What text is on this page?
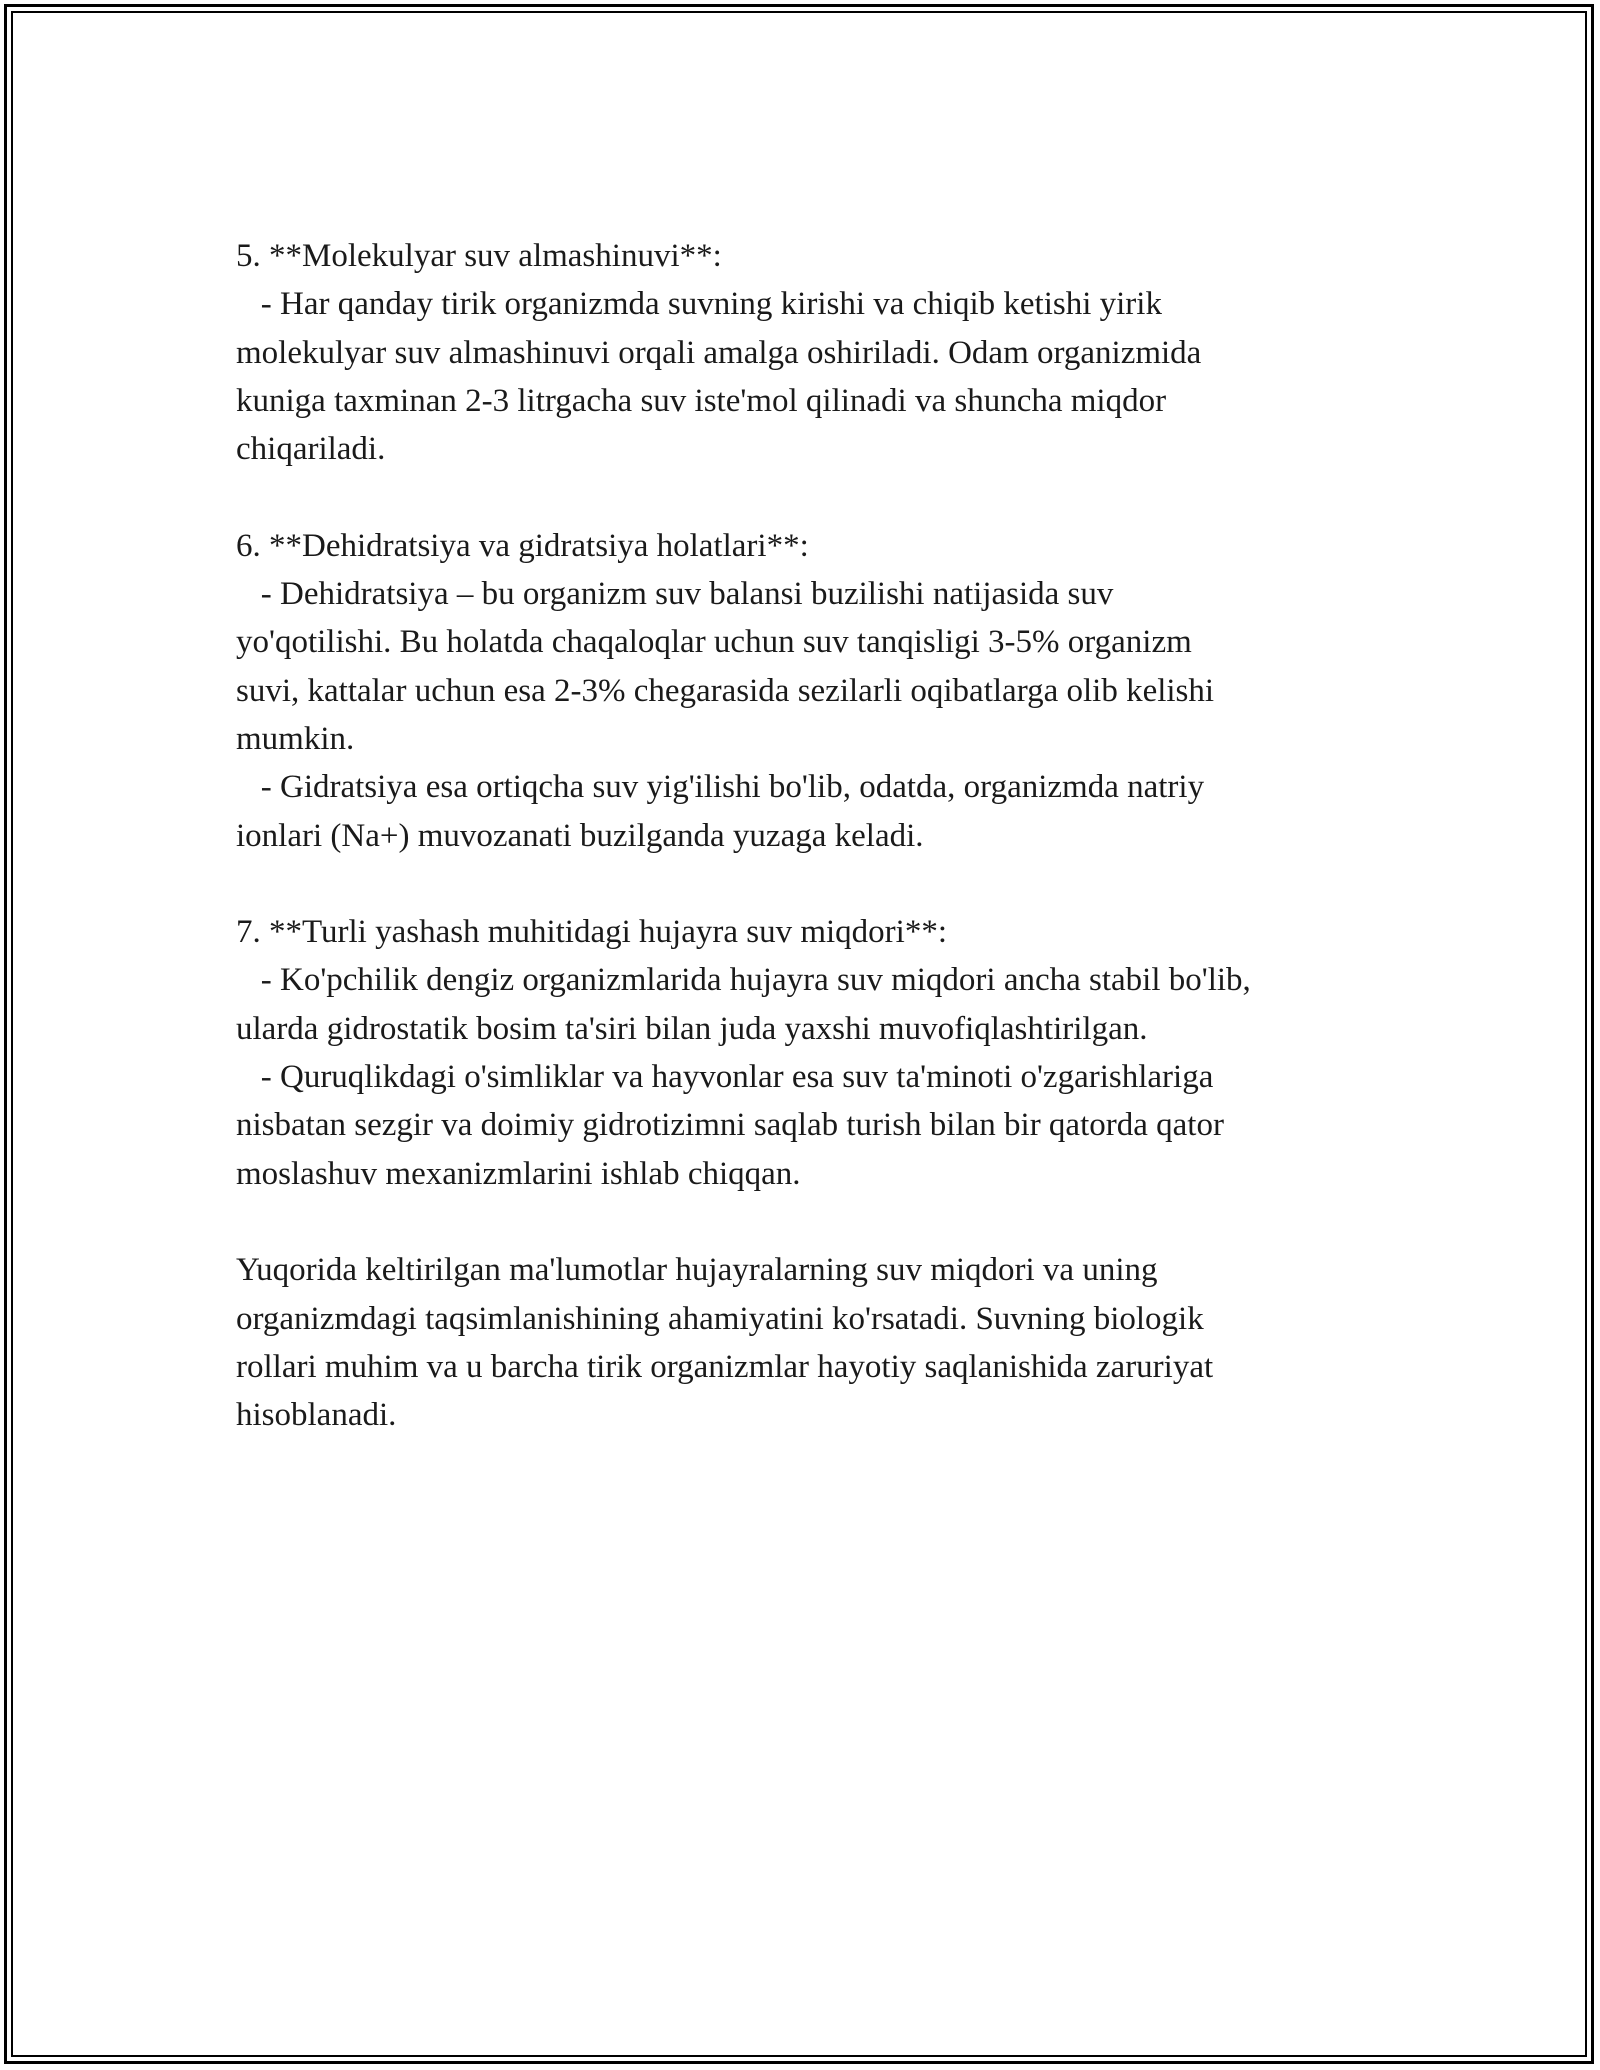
5. **Molekulyar suv almashinuvi**:
- Har qanday tirik organizmda suvning kirishi va chiqib ketishi yirik
molekulyar suv almashinuvi orqali amalga oshiriladi. Odam organizmida
kuniga taxminan 2-3 litrgacha suv iste'mol qilinadi va shuncha miqdor
chiqariladi.
6. **Dehidratsiya va gidratsiya holatlari**:
- Dehidratsiya – bu organizm suv balansi buzilishi natijasida suv
yo'qotilishi. Bu holatda chaqaloqlar uchun suv tanqisligi 3-5% organizm
suvi, kattalar uchun esa 2-3% chegarasida sezilarli oqibatlarga olib kelishi
mumkin.
- Gidratsiya esa ortiqcha suv yig'ilishi bo'lib, odatda, organizmda natriy
ionlari (Na+) muvozanati buzilganda yuzaga keladi.
7. **Turli yashash muhitidagi hujayra suv miqdori**:
- Ko'pchilik dengiz organizmlarida hujayra suv miqdori ancha stabil bo'lib,
ularda gidrostatik bosim ta'siri bilan juda yaxshi muvofiqlashtirilgan.
- Quruqlikdagi o'simliklar va hayvonlar esa suv ta'minoti o'zgarishlariga
nisbatan sezgir va doimiy gidrotizimni saqlab turish bilan bir qatorda qator
moslashuv mexanizmlarini ishlab chiqqan.
Yuqorida keltirilgan ma'lumotlar hujayralarning suv miqdori va uning
organizmdagi taqsimlanishining ahamiyatini ko'rsatadi. Suvning biologik
rollari muhim va u barcha tirik organizmlar hayotiy saqlanishida zaruriyat
hisoblanadi.
